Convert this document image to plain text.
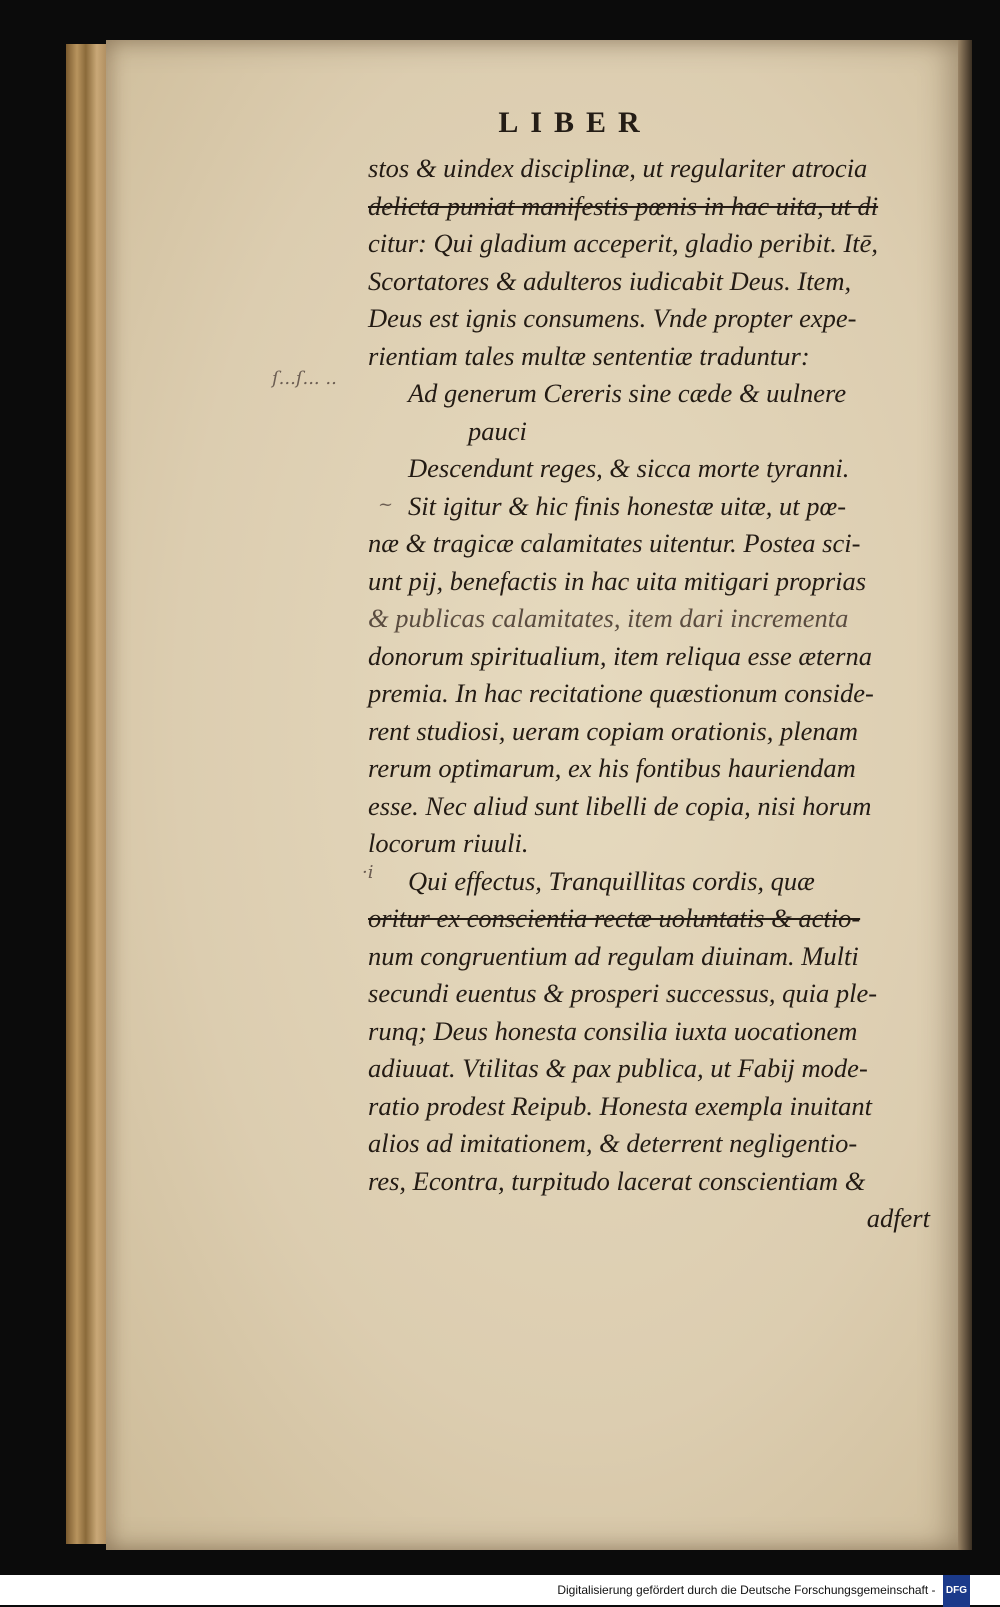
LIBER
ſ...ſ... ..
~
·i
stos & uindex disciplinæ, ut regulariter atrocia
delicta puniat manifestis pœnis in hac uita, ut di
citur: Qui gladium acceperit, gladio peribit. Itē,
Scortatores & adulteros iudicabit Deus. Item,
Deus est ignis consumens. Vnde propter expe-
rientiam tales multæ sententiæ traduntur:
Ad generum Cereris sine cæde & uulnere
pauci
Descendunt reges, & sicca morte tyranni.
Sit igitur & hic finis honestæ uitæ, ut pœ-
næ & tragicæ calamitates uitentur. Postea sci-
unt pij, benefactis in hac uita mitigari proprias
& publicas calamitates, item dari incrementa
donorum spiritualium, item reliqua esse æterna
premia. In hac recitatione quæstionum conside-
rent studiosi, ueram copiam orationis, plenam
rerum optimarum, ex his fontibus hauriendam
esse. Nec aliud sunt libelli de copia, nisi horum
locorum riuuli.
Qui effectus, Tranquillitas cordis, quæ
oritur ex conscientia rectæ uoluntatis & actio-
num congruentium ad regulam diuinam. Multi
secundi euentus & prosperi successus, quia ple-
runq; Deus honesta consilia iuxta uocationem
adiuuat. Vtilitas & pax publica, ut Fabij mode-
ratio prodest Reipub. Honesta exempla inuitant
alios ad imitationem, & deterrent negligentio-
res, Econtra, turpitudo lacerat conscientiam &
adfert
Digitalisierung gefördert durch die Deutsche Forschungsgemeinschaft - DFG
